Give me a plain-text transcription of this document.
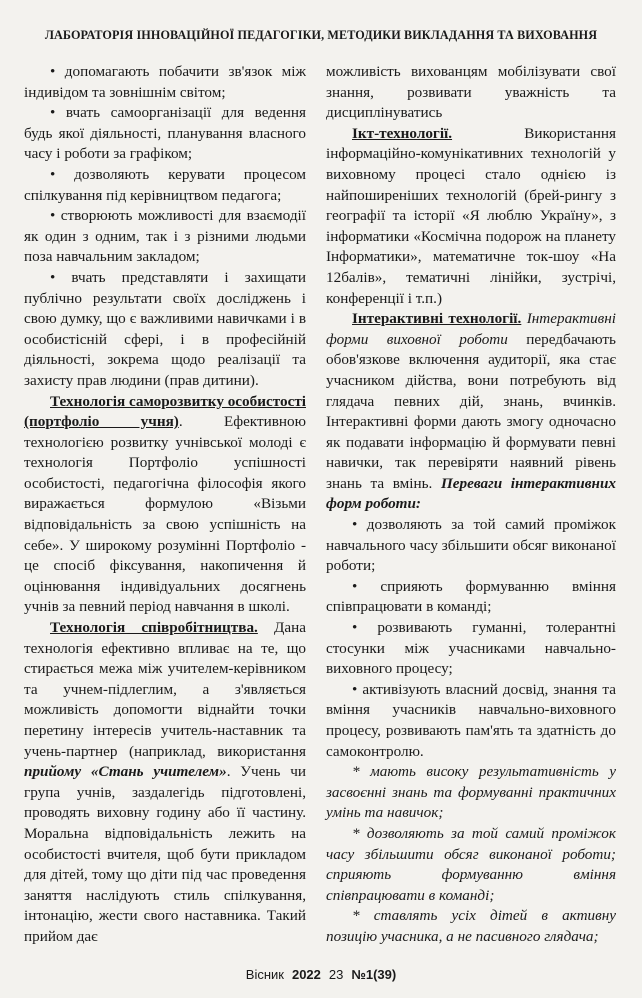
ЛАБОРАТОРІЯ ІННОВАЦІЙНОЇ ПЕДАГОГІКИ, МЕТОДИКИ ВИКЛАДАННЯ ТА ВИХОВАННЯ

• допомагають побачити зв'язок між індивідом та зовнішнім світом;

• вчать самоорганізації для ведення будь якої діяльності, планування власного часу і роботи за графіком;

• дозволяють керувати процесом спілкування під керівництвом педагога;

• створюють можливості для взаємодії як один з одним, так і з різними людьми поза навчальним закладом;

• вчать представляти і захищати публічно результати своїх досліджень і свою думку, що є важливими навичками і в особистісній сфері, і в професійній діяльності, зокрема щодо реалізації та захисту прав людини (прав дитини).

Технологія саморозвитку особистості (портфоліо учня). Ефективною технологією розвитку учнівської молоді є технологія Портфоліо успішності особистості, педагогічна філософія якого виражається формулою «Візьми відповідальність за свою успішність на себе». У широкому розумінні Портфоліо - це спосіб фіксування, накопичення й оцінювання індивідуальних досягнень учнів за певний період навчання в школі.

Технологія співробітництва. Дана технологія ефективно впливає на те, що стирається межа між учителем-керівником та учнем-підлеглим, а з'являється можливість допомогти віднайти точки перетину інтересів учитель-наставник та учень-партнер (наприклад, використання прийому «Стань учителем». Учень чи група учнів, заздалегідь підготовлені, проводять виховну годину або її частину. Моральна відповідальність лежить на особистості вчителя, щоб бути прикладом для дітей, тому що діти під час проведення заняття наслідують стиль спілкування, інтонацію, жести свого наставника. Такий прийом дає

можливість вихованцям мобілізувати свої знання, розвивати уважність та дисциплінуватись

Ікт-технології. Використання інформаційно-комунікативних технологій у виховному процесі стало однією із найпоширеніших технологій (брей-рингу з географії та історії «Я люблю Україну», з інформатики «Космічна подорож на планету Інформатики», математичне ток-шоу «На 12балів», тематичні лінійки, зустрічі, конференції і т.п.)

Інтерактивні технології. Інтерактивні форми виховної роботи передбачають обов'язкове включення аудиторії, яка стає учасником дійства, вони потребують від глядача певних дій, знань, вчинків. Інтерактивні форми дають змогу одночасно як подавати інформацію й формувати певні навички, так перевіряти наявний рівень знань та вмінь. Переваги інтерактивних форм роботи:

• дозволяють за той самий проміжок навчального часу збільшити обсяг виконаної роботи;

• сприяють формуванню вміння співпрацювати в команді;

• розвивають гуманні, толерантні стосунки між учасниками навчально-виховного процесу;

• активізують власний досвід, знання та вміння учасників навчально-виховного процесу, розвивають пам'ять та здатність до самоконтролю.

* мають високу результативність у засвоєнні знань та формуванні практичних умінь та навичок;

* дозволяють за той самий проміжок часу збільшити обсяг виконаної роботи; сприяють формуванню вміння співпрацювати в команді;

* ставлять усіх дітей в активну позицію учасника, а не пасивного глядача;

Вісник 2022 23 №1(39)
